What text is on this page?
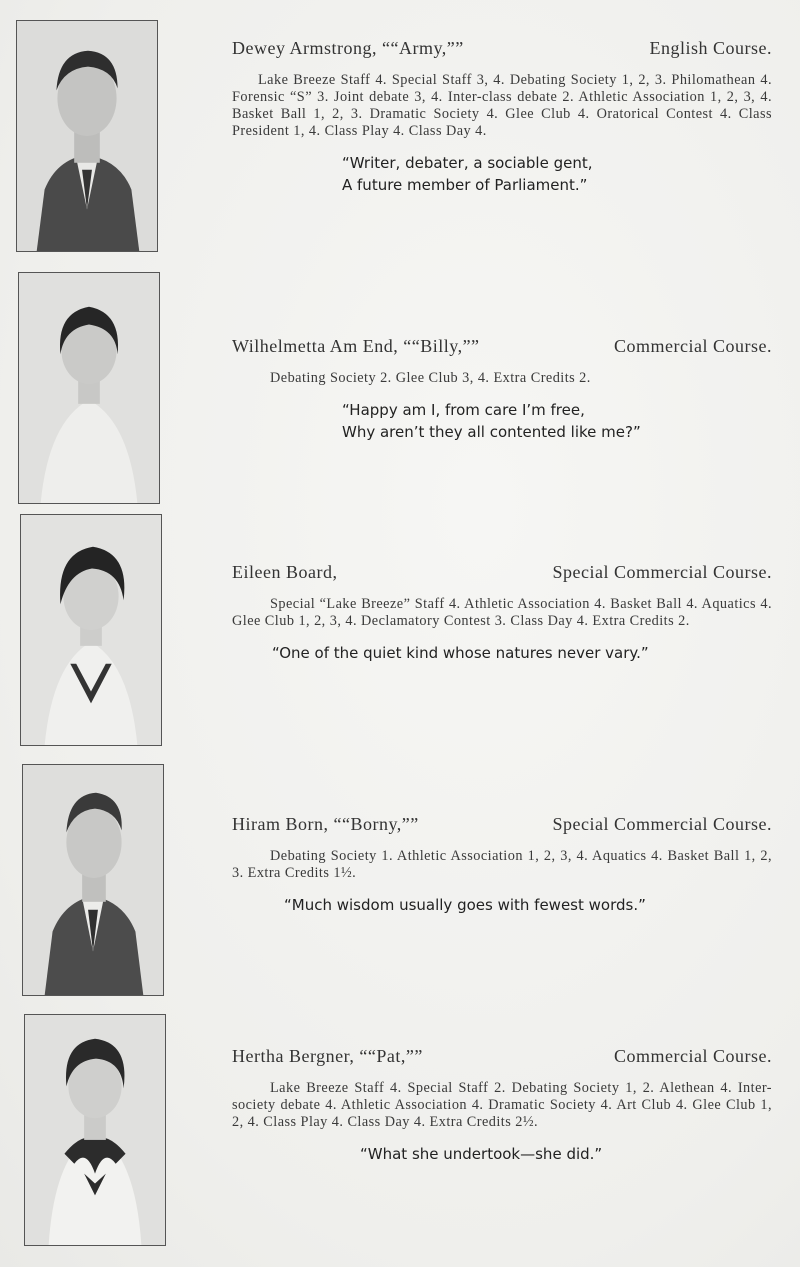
Dewey Armstrong, ““Army,””	English Course.
Lake Breeze Staff 4. Special Staff 3, 4. Debating Society 1, 2, 3. Philomathean 4. Forensic “S” 3. Joint debate 3, 4. Inter-class debate 2. Athletic Association 1, 2, 3, 4. Basket Ball 1, 2, 3. Dramatic Society 4. Glee Club 4. Oratorical Contest 4. Class President 1, 4. Class Play 4. Class Day 4.
“Writer, debater, a sociable gent,
A future member of Parliament.”
Wilhelmetta Am End, ““Billy,””	Commercial Course.
Debating Society 2. Glee Club 3, 4. Extra Credits 2.
“Happy am I, from care I’m free,
Why aren’t they all contented like me?”
Eileen Board,	Special Commercial Course.
Special “Lake Breeze” Staff 4. Athletic Association 4. Basket Ball 4. Aquatics 4. Glee Club 1, 2, 3, 4. Declamatory Contest 3. Class Day 4. Extra Credits 2.
“One of the quiet kind whose natures never vary.”
Hiram Born, ““Borny,””	Special Commercial Course.
Debating Society 1. Athletic Association 1, 2, 3, 4. Aquatics 4. Basket Ball 1, 2, 3. Extra Credits 1½.
“Much wisdom usually goes with fewest words.”
Hertha Bergner, ““Pat,””	Commercial Course.
Lake Breeze Staff 4. Special Staff 2. Debating Society 1, 2. Alethean 4. Inter-society debate 4. Athletic Association 4. Dramatic Society 4. Art Club 4. Glee Club 1, 2, 4. Class Play 4. Class Day 4. Extra Credits 2½.
“What she undertook—she did.”
